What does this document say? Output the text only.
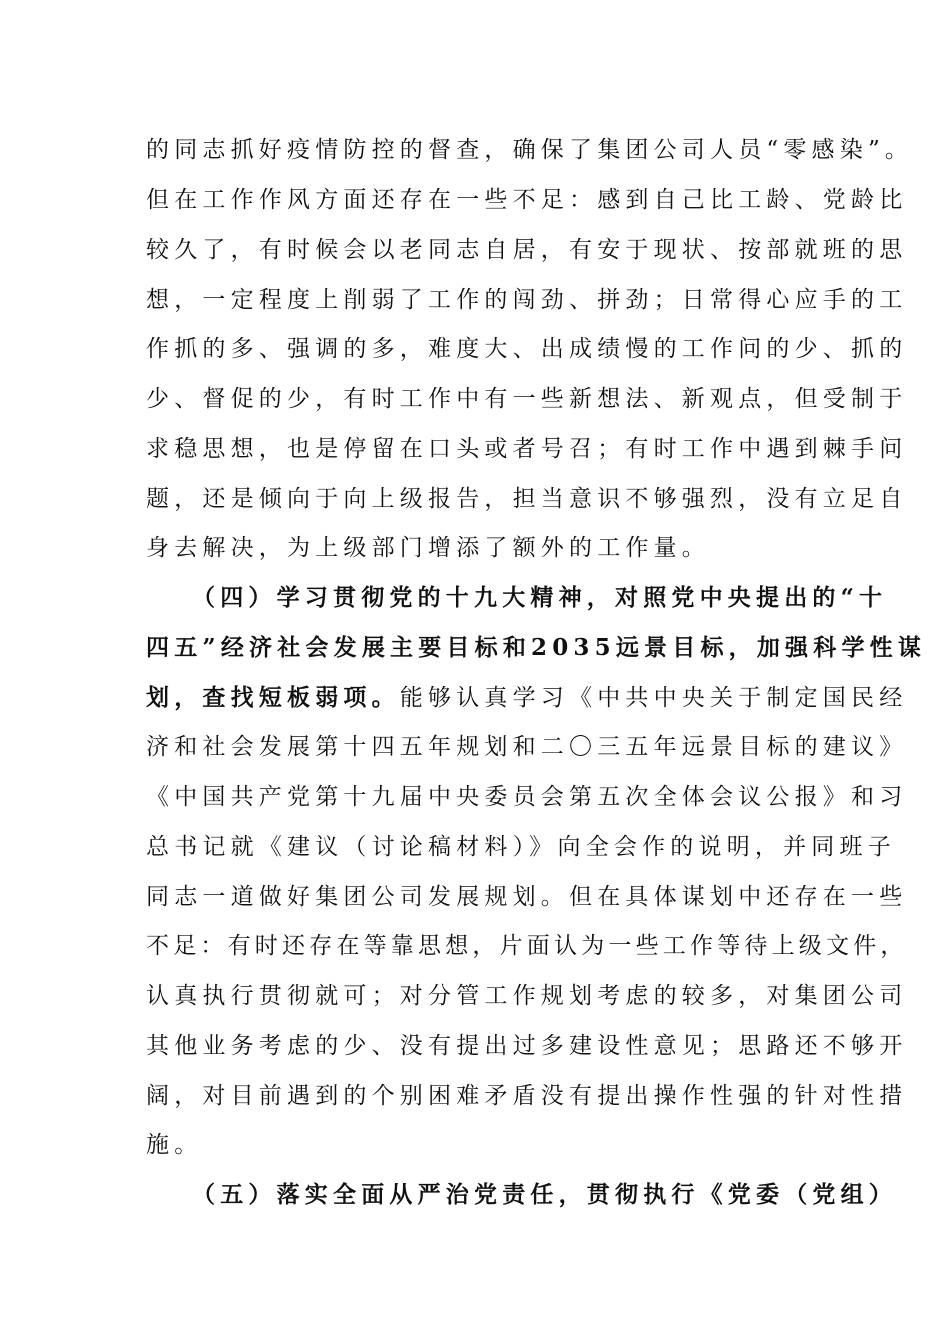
的同志抓好疫情防控的督查，确保了集团公司人员“零感染”。
但在工作作风方面还存在一些不足：感到自己比工龄、党龄比
较久了，有时候会以老同志自居，有安于现状、按部就班的思
想，一定程度上削弱了工作的闯劲、拼劲；日常得心应手的工
作抓的多、强调的多，难度大、出成绩慢的工作问的少、抓的
少、督促的少，有时工作中有一些新想法、新观点，但受制于
求稳思想，也是停留在口头或者号召；有时工作中遇到棘手问
题，还是倾向于向上级报告，担当意识不够强烈，没有立足自
身去解决，为上级部门增添了额外的工作量。
（四）学习贯彻党的十九大精神，对照党中央提出的“十
四五”经济社会发展主要目标和2035远景目标，加强科学性谋
划，查找短板弱项。能够认真学习《中共中央关于制定国民经
济和社会发展第十四五年规划和二〇三五年远景目标的建议》
《中国共产党第十九届中央委员会第五次全体会议公报》和习
总书记就《建议（讨论稿材料）》向全会作的说明，并同班子
同志一道做好集团公司发展规划。但在具体谋划中还存在一些
不足：有时还存在等靠思想，片面认为一些工作等待上级文件，
认真执行贯彻就可；对分管工作规划考虑的较多，对集团公司
其他业务考虑的少、没有提出过多建设性意见；思路还不够开
阔，对目前遇到的个别困难矛盾没有提出操作性强的针对性措
施。
（五）落实全面从严治党责任，贯彻执行《党委（党组）
